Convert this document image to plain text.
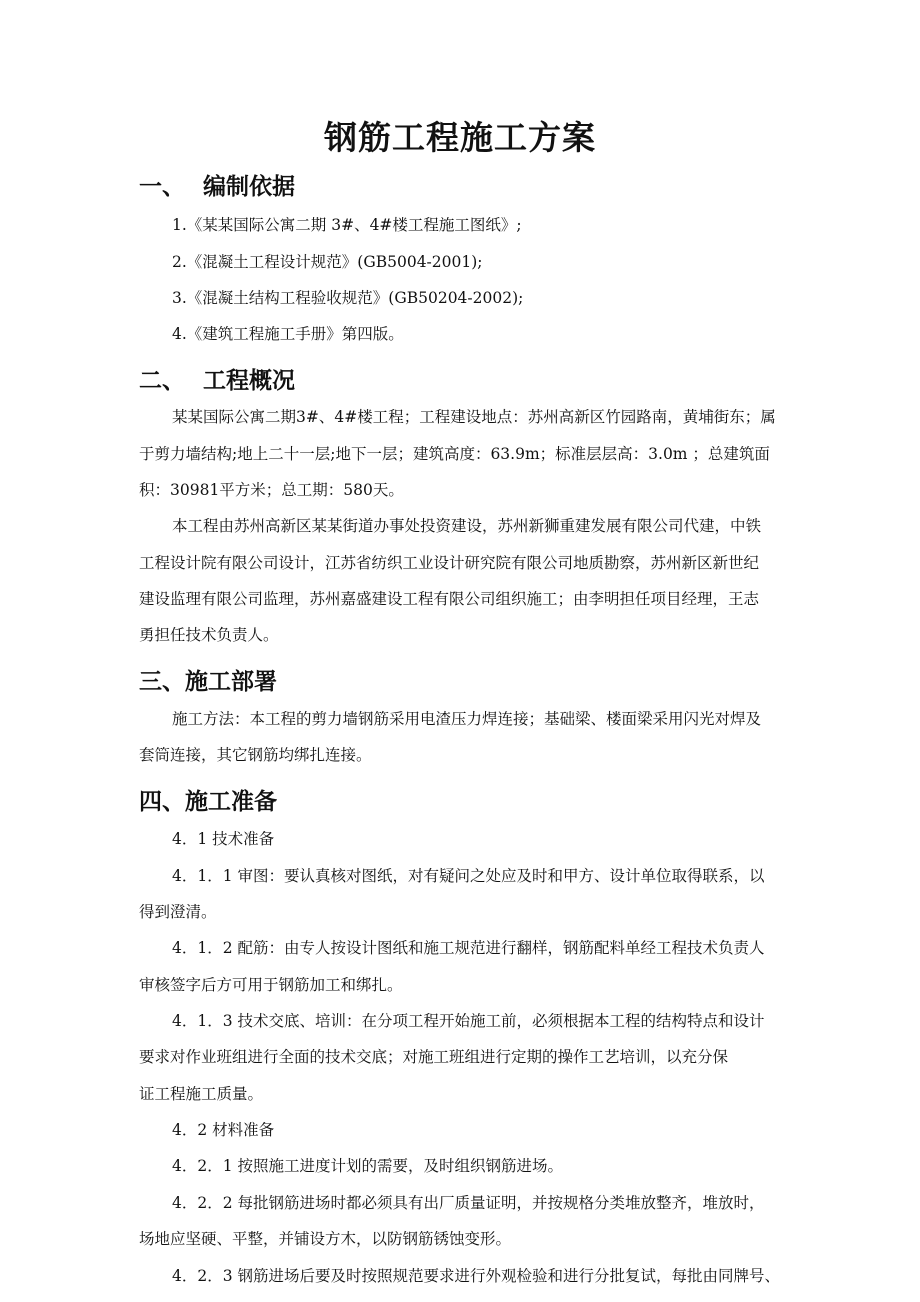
钢筋工程施工方案
一、 编制依据
1.《某某国际公寓二期 3#、4#楼工程施工图纸》;
2.《混凝土工程设计规范》(GB5004-2001);
3.《混凝土结构工程验收规范》(GB50204-2002);
4.《建筑工程施工手册》第四版。
二、 工程概况
某某国际公寓二期3#、4#楼工程；工程建设地点：苏州高新区竹园路南，黄埔街东；属
于剪力墙结构;地上二十一层;地下一层；建筑高度：63.9m；标准层层高：3.0m ；总建筑面
积：30981平方米；总工期：580天。
本工程由苏州高新区某某街道办事处投资建设，苏州新狮重建发展有限公司代建，中铁
工程设计院有限公司设计，江苏省纺织工业设计研究院有限公司地质勘察，苏州新区新世纪
建设监理有限公司监理，苏州嘉盛建设工程有限公司组织施工；由李明担任项目经理，王志
勇担任技术负责人。
三、施工部署
施工方法：本工程的剪力墙钢筋采用电渣压力焊连接；基础梁、楼面梁采用闪光对焊及
套筒连接，其它钢筋均绑扎连接。
四、施工准备
4．1 技术准备
4．1．1 审图：要认真核对图纸，对有疑问之处应及时和甲方、设计单位取得联系，以
得到澄清。
4．1．2 配筋：由专人按设计图纸和施工规范进行翻样，钢筋配料单经工程技术负责人
审核签字后方可用于钢筋加工和绑扎。
4．1．3 技术交底、培训：在分项工程开始施工前，必须根据本工程的结构特点和设计
要求对作业班组进行全面的技术交底；对施工班组进行定期的操作工艺培训，以充分保
证工程施工质量。
4．2 材料准备
4．2．1 按照施工进度计划的需要，及时组织钢筋进场。
4．2．2 每批钢筋进场时都必须具有出厂质量证明，并按规格分类堆放整齐，堆放时，
场地应坚硬、平整，并铺设方木，以防钢筋锈蚀变形。
4．2．3 钢筋进场后要及时按照规范要求进行外观检验和进行分批复试，每批由同牌号、
